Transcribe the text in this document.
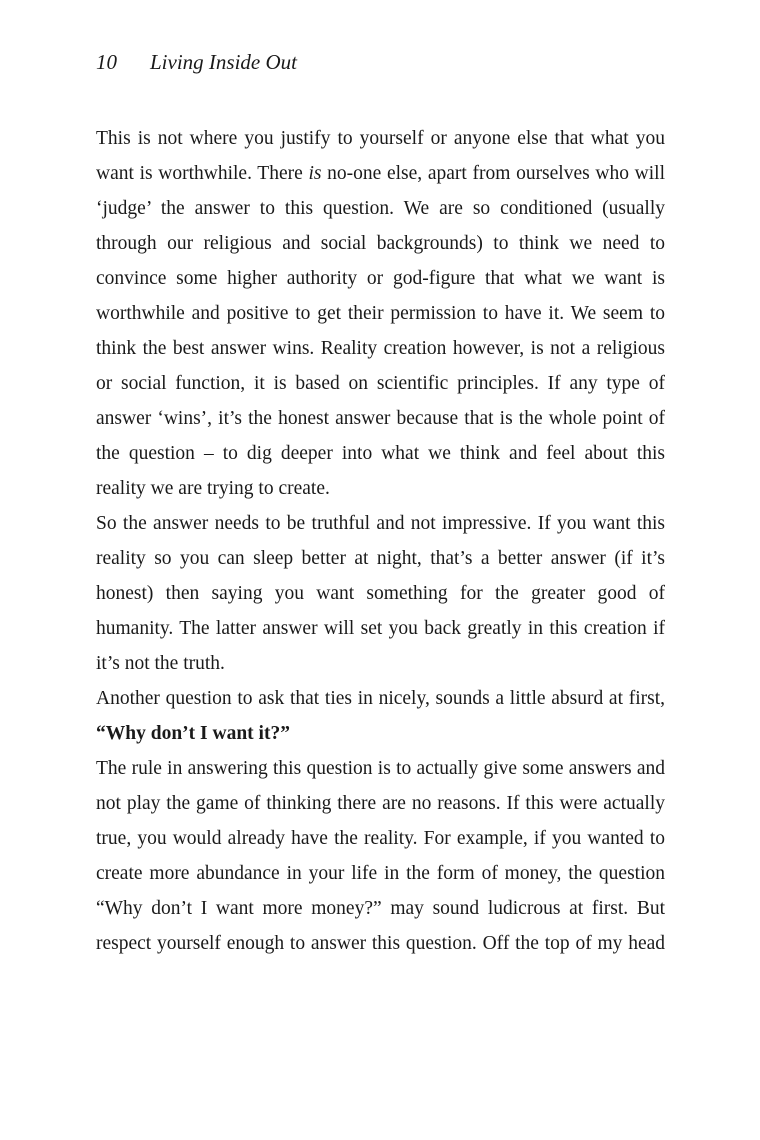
10 Living Inside Out

This is not where you justify to yourself or anyone else that what you want is worthwhile. There is no-one else, apart from ourselves who will ‘judge’ the answer to this question. We are so conditioned (usually through our religious and social backgrounds) to think we need to convince some higher authority or god-figure that what we want is worthwhile and positive to get their permission to have it. We seem to think the best answer wins. Reality creation however, is not a religious or social function, it is based on scientific principles. If any type of answer ‘wins’, it’s the honest answer because that is the whole point of the question – to dig deeper into what we think and feel about this reality we are trying to create.

So the answer needs to be truthful and not impressive. If you want this reality so you can sleep better at night, that’s a better answer (if it’s honest) then saying you want something for the greater good of humanity. The latter answer will set you back greatly in this creation if it’s not the truth.

Another question to ask that ties in nicely, sounds a little absurd at first, “Why don’t I want it?”

The rule in answering this question is to actually give some answers and not play the game of thinking there are no reasons. If this were actually true, you would already have the reality. For example, if you wanted to create more abundance in your life in the form of money, the question “Why don’t I want more money?” may sound ludicrous at first. But respect yourself enough to answer this question. Off the top of my head
